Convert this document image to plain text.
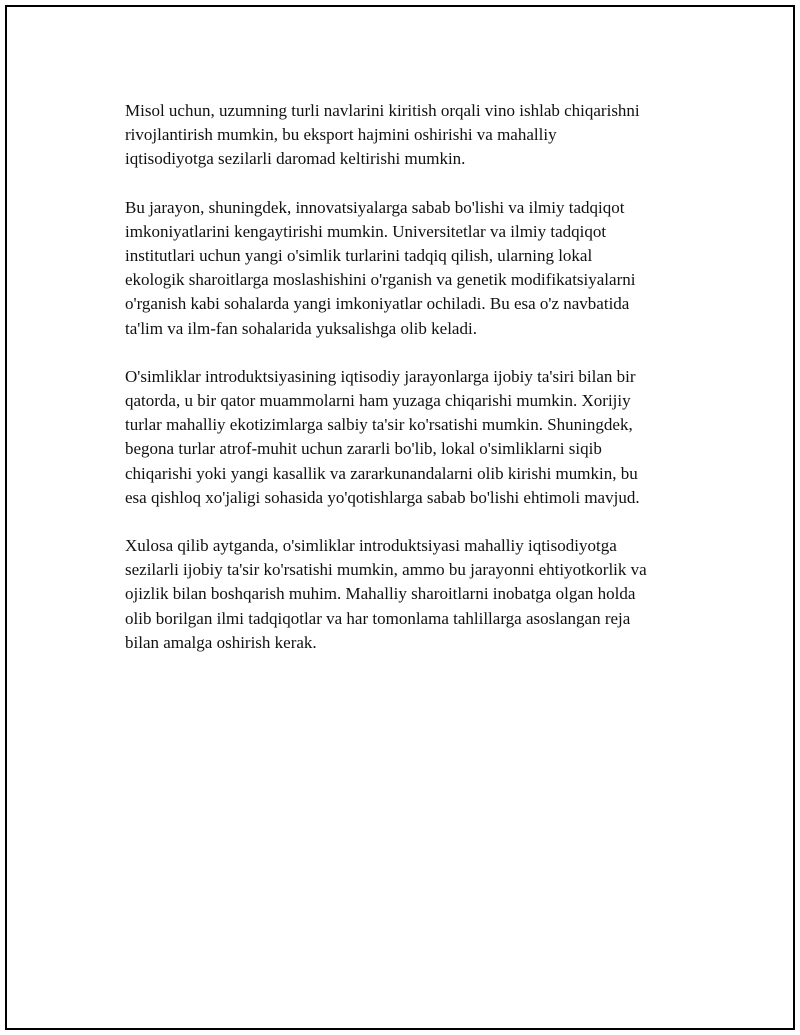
Misol uchun, uzumning turli navlarini kiritish orqali vino ishlab chiqarishni
rivojlantirish mumkin, bu eksport hajmini oshirishi va mahalliy
iqtisodiyotga sezilarli daromad keltirishi mumkin.

Bu jarayon, shuningdek, innovatsiyalarga sabab bo'lishi va ilmiy tadqiqot
imkoniyatlarini kengaytirishi mumkin. Universitetlar va ilmiy tadqiqot
institutlari uchun yangi o'simlik turlarini tadqiq qilish, ularning lokal
ekologik sharoitlarga moslashishini o'rganish va genetik modifikatsiyalarni
o'rganish kabi sohalarda yangi imkoniyatlar ochiladi. Bu esa o'z navbatida
ta'lim va ilm-fan sohalarida yuksalishga olib keladi.

O'simliklar introduktsiyasining iqtisodiy jarayonlarga ijobiy ta'siri bilan bir
qatorda, u bir qator muammolarni ham yuzaga chiqarishi mumkin. Xorijiy
turlar mahalliy ekotizimlarga salbiy ta'sir ko'rsatishi mumkin. Shuningdek,
begona turlar atrof-muhit uchun zararli bo'lib, lokal o'simliklarni siqib
chiqarishi yoki yangi kasallik va zararkunandalarni olib kirishi mumkin, bu
esa qishloq xo'jaligi sohasida yo'qotishlarga sabab bo'lishi ehtimoli mavjud.

Xulosa qilib aytganda, o'simliklar introduktsiyasi mahalliy iqtisodiyotga
sezilarli ijobiy ta'sir ko'rsatishi mumkin, ammo bu jarayonni ehtiyotkorlik va
ojizlik bilan boshqarish muhim. Mahalliy sharoitlarni inobatga olgan holda
olib borilgan ilmi tadqiqotlar va har tomonlama tahlillarga asoslangan reja
bilan amalga oshirish kerak.
